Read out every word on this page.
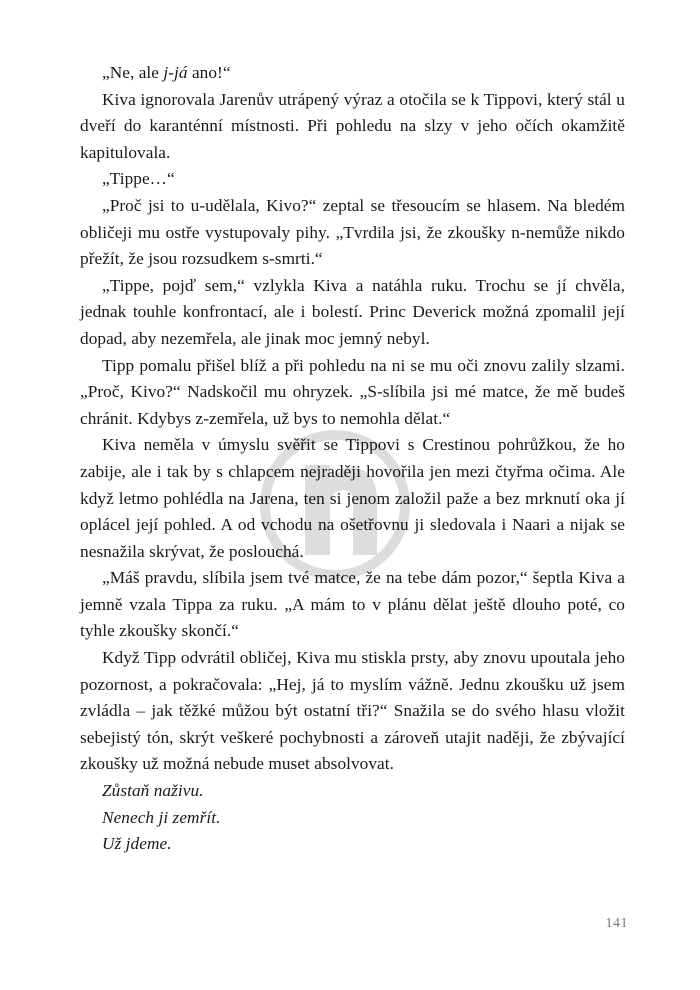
„Ne, ale j-já ano!“

Kiva ignorovala Jarenův utrápený výraz a otočila se k Tippovi, který stál u dveří do karanténní místnosti. Při pohledu na slzy v jeho očích okamžitě kapitulovala.

„Tippe…“

„Proč jsi to u-udělala, Kivo?“ zeptal se třesoucím se hlasem. Na bledém obličeji mu ostře vystupovaly pihy. „Tvrdila jsi, že zkoušky n-nemůže nikdo přežít, že jsou rozsudkem s-smrti.“

„Tippe, pojď sem,“ vzlykla Kiva a natáhla ruku. Trochu se jí chvěla, jednak touhle konfrontací, ale i bolestí. Princ Deverick možná zpomalil její dopad, aby nezemřela, ale jinak moc jemný nebyl.

Tipp pomalu přišel blíž a při pohledu na ni se mu oči znovu zalily slzami. „Proč, Kivo?“ Nadskočil mu ohryzek. „S-slíbila jsi mé matce, že mě budeš chránit. Kdybys z-zemřela, už bys to nemohla dělat.“

Kiva neměla v úmyslu svěřit se Tippovi s Crestinou pohrůžkou, že ho zabije, ale i tak by s chlapcem nejraději hovořila jen mezi čtyřma očima. Ale když letmo pohlédla na Jarena, ten si jenom založil paže a bez mrknutí oka jí oplácel její pohled. A od vchodu na ošetřovnu ji sledovala i Naari a nijak se nesnažila skrývat, že poslouchá.

„Máš pravdu, slíbila jsem tvé matce, že na tebe dám pozor,“ šeptla Kiva a jemně vzala Tippa za ruku. „A mám to v plánu dělat ještě dlouho poté, co tyhle zkoušky skončí.“

Když Tipp odvrátil obličej, Kiva mu stiskla prsty, aby znovu upoutala jeho pozornost, a pokračovala: „Hej, já to myslím vážně. Jednu zkoušku už jsem zvládla – jak těžké můžou být ostatní tři?“ Snažila se do svého hlasu vložit sebejistý tón, skrýt veškeré pochybnosti a zároveň utajit naději, že zbývající zkoušky už možná nebude muset absolvovat.

Zůstaň naživu.

Nenech ji zemřít.

Už jdeme.

141
